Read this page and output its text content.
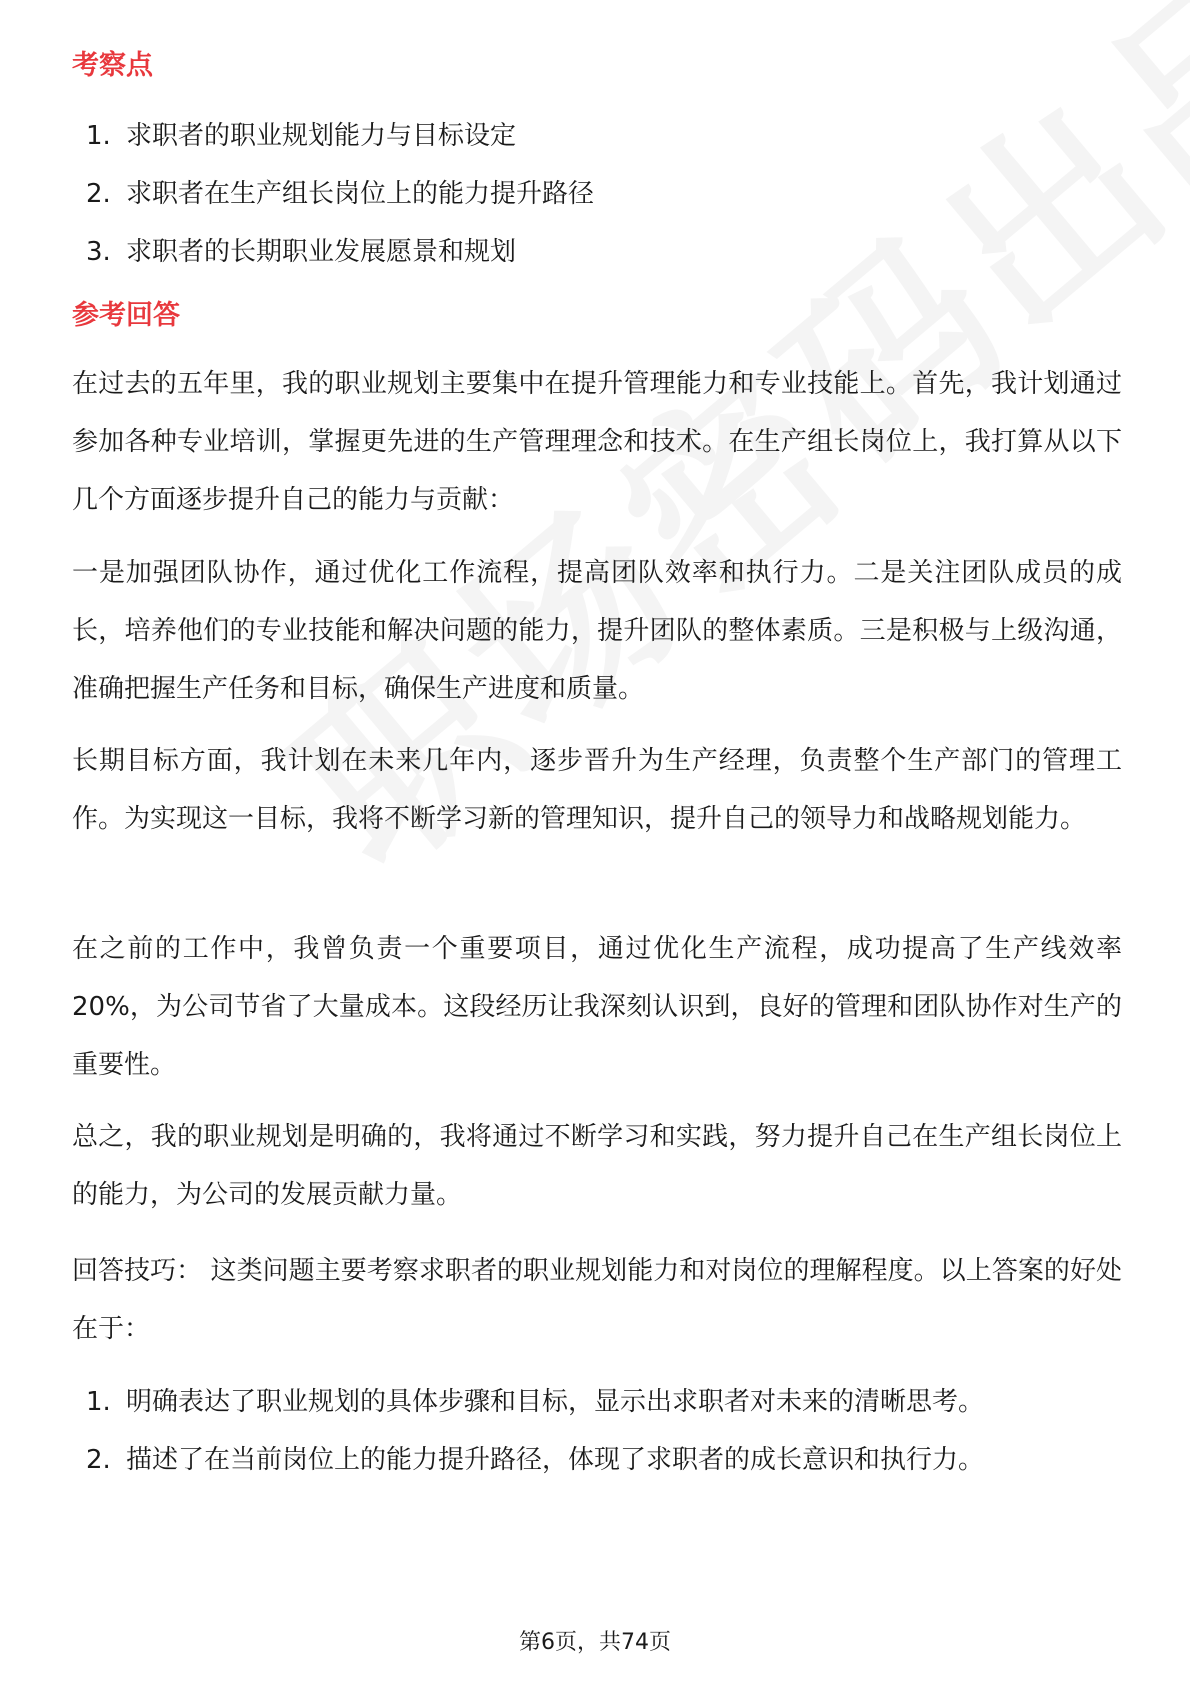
考察点
1. 求职者的职业规划能力与目标设定
2. 求职者在生产组长岗位上的能力提升路径
3. 求职者的长期职业发展愿景和规划
参考回答

在过去的五年里，我的职业规划主要集中在提升管理能力和专业技能上。首先，我计划通过参加各种专业培训，掌握更先进的生产管理理念和技术。在生产组长岗位上，我打算从以下几个方面逐步提升自己的能力与贡献：

一是加强团队协作，通过优化工作流程，提高团队效率和执行力。二是关注团队成员的成长，培养他们的专业技能和解决问题的能力，提升团队的整体素质。三是积极与上级沟通，准确把握生产任务和目标，确保生产进度和质量。

长期目标方面，我计划在未来几年内，逐步晋升为生产经理，负责整个生产部门的管理工作。为实现这一目标，我将不断学习新的管理知识，提升自己的领导力和战略规划能力。

在之前的工作中，我曾负责一个重要项目，通过优化生产流程，成功提高了生产线效率20%，为公司节省了大量成本。这段经历让我深刻认识到，良好的管理和团队协作对生产的重要性。

总之，我的职业规划是明确的，我将通过不断学习和实践，努力提升自己在生产组长岗位上的能力，为公司的发展贡献力量。

回答技巧： 这类问题主要考察求职者的职业规划能力和对岗位的理解程度。以上答案的好处在于：

1. 明确表达了职业规划的具体步骤和目标，显示出求职者对未来的清晰思考。
2. 描述了在当前岗位上的能力提升路径，体现了求职者的成长意识和执行力。
第6页，共74页
